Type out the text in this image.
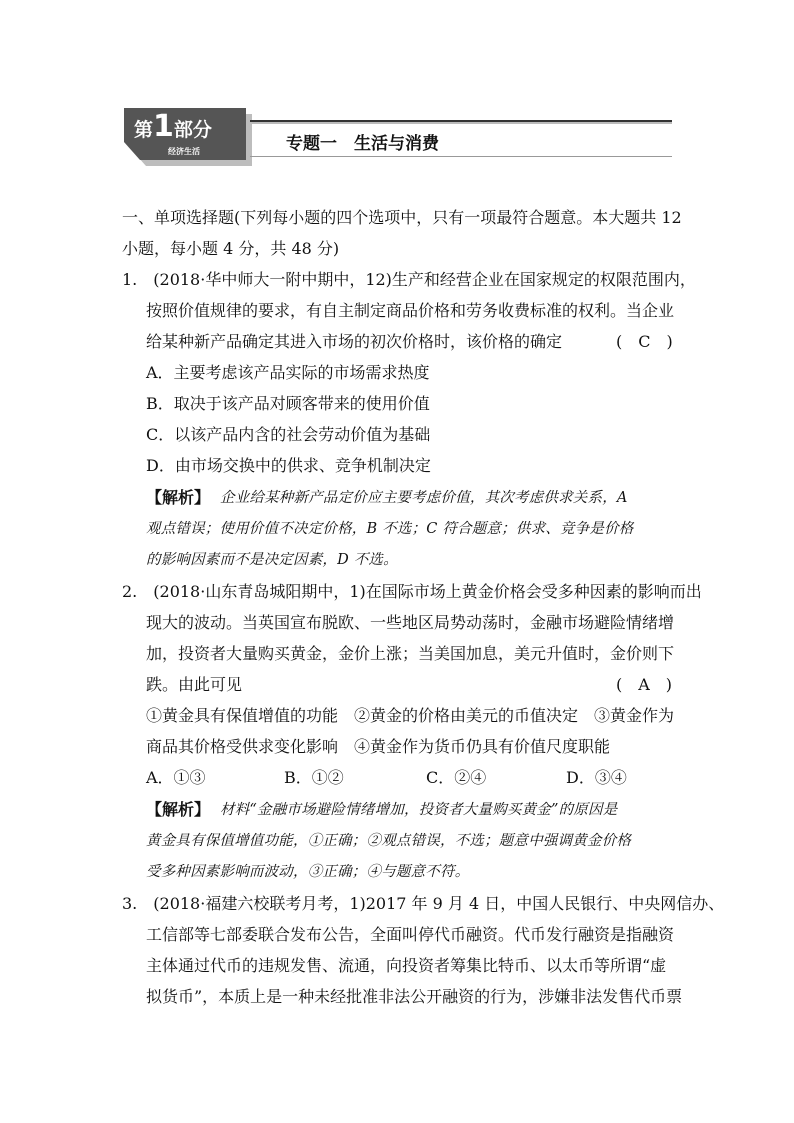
第1部分
经济生活	专题一　生活与消费
一、单项选择题(下列每小题的四个选项中，只有一项最符合题意。本大题共 12
小题，每小题 4 分，共 48 分)
1.　(2018·华中师大一附中期中，12)生产和经营企业在国家规定的权限范围内，
按照价值规律的要求，有自主制定商品价格和劳务收费标准的权利。当企业
给某种新产品确定其进入市场的初次价格时，该价格的确定	(　C　)
A．主要考虑该产品实际的市场需求热度
B．取决于该产品对顾客带来的使用价值
C．以该产品内含的社会劳动价值为基础
D．由市场交换中的供求、竞争机制决定
【解析】 企业给某种新产品定价应主要考虑价值，其次考虑供求关系，A
观点错误；使用价值不决定价格，B 不选；C 符合题意；供求、竞争是价格
的影响因素而不是决定因素，D 不选。
2.　(2018·山东青岛城阳期中，1)在国际市场上黄金价格会受多种因素的影响而出
现大的波动。当英国宣布脱欧、一些地区局势动荡时，金融市场避险情绪增
加，投资者大量购买黄金，金价上涨；当美国加息，美元升值时，金价则下
跌。由此可见	(　A　)
①黄金具有保值增值的功能　②黄金的价格由美元的币值决定　③黄金作为
商品其价格受供求变化影响　④黄金作为货币仍具有价值尺度职能
A．①③	B．①②	C．②④	D．③④
【解析】 材料“金融市场避险情绪增加，投资者大量购买黄金”的原因是
黄金具有保值增值功能，①正确；②观点错误，不选；题意中强调黄金价格
受多种因素影响而波动，③正确；④与题意不符。
3.　(2018·福建六校联考月考，1)2017 年 9 月 4 日，中国人民银行、中央网信办、
工信部等七部委联合发布公告，全面叫停代币融资。代币发行融资是指融资
主体通过代币的违规发售、流通，向投资者筹集比特币、以太币等所谓“虚
拟货币”，本质上是一种未经批准非法公开融资的行为，涉嫌非法发售代币票
